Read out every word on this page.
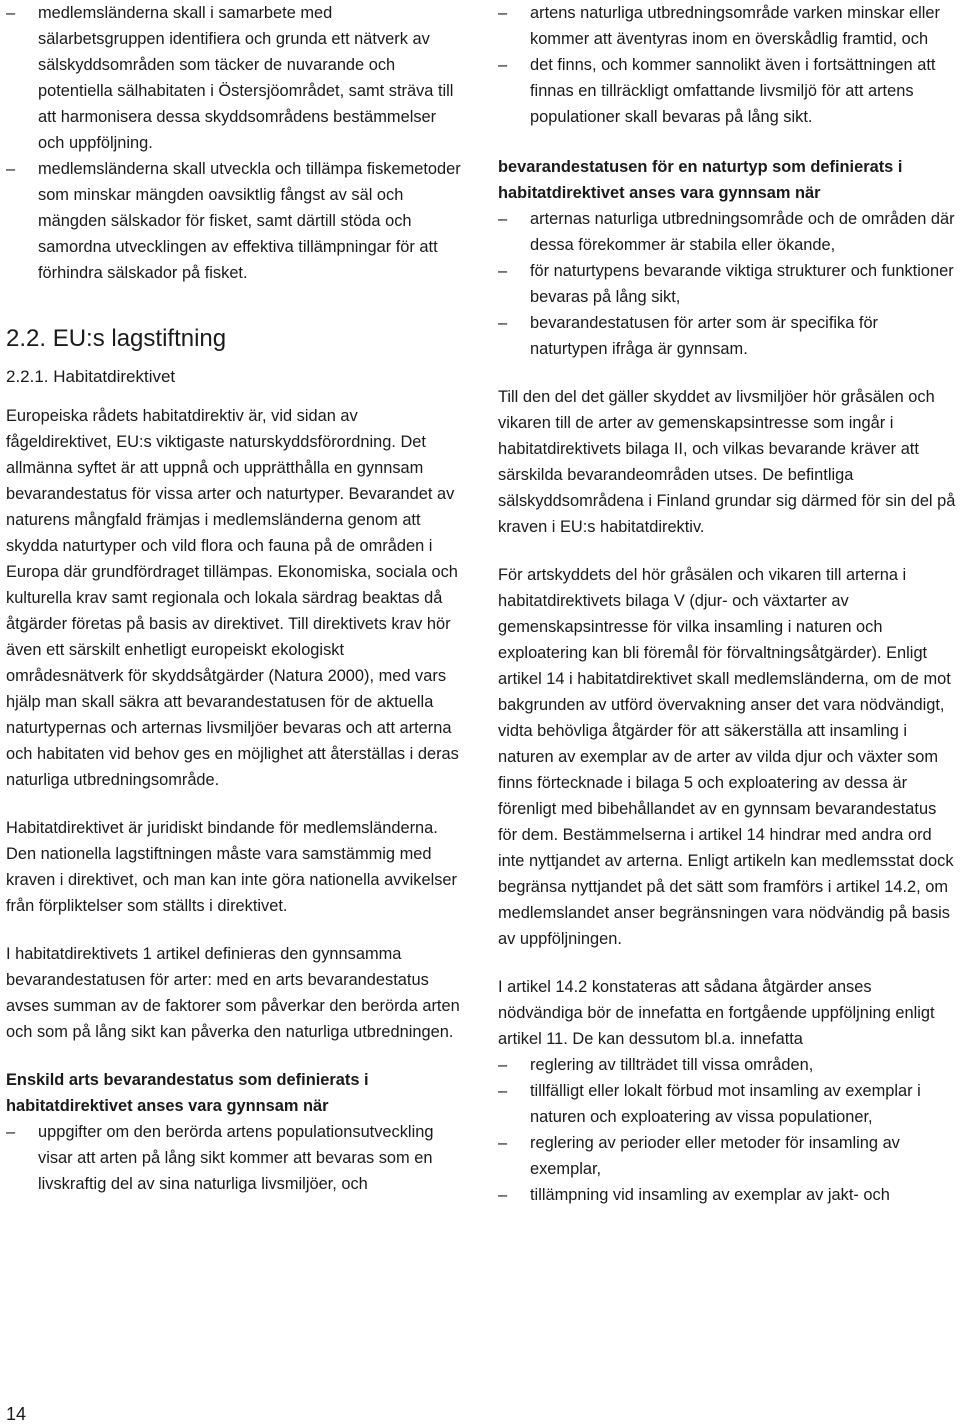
– medlemsländerna skall i samarbete med sälarbetsgruppen identifiera och grunda ett nätverk av sälskyddsområden som täcker de nuvarande och potentiella sälhabitaten i Östersjöområdet, samt sträva till att harmonisera dessa skyddsområdens bestämmelser och uppföljning.
– medlemsländerna skall utveckla och tillämpa fiskemetoder som minskar mängden oavsiktlig fångst av säl och mängden sälskador för fisket, samt därtill stöda och samordna utvecklingen av effektiva tillämpningar för att förhindra sälskador på fisket.
2.2. EU:s lagstiftning
2.2.1. Habitatdirektivet

Europeiska rådets habitatdirektiv är, vid sidan av fågeldirektivet, EU:s viktigaste naturskyddsförordning. Det allmänna syftet är att uppnå och upprätthålla en gynnsam bevarandestatus för vissa arter och naturtyper. Bevarandet av naturens mångfald främjas i medlemsländerna genom att skydda naturtyper och vild flora och fauna på de områden i Europa där grundfördraget tillämpas. Ekonomiska, sociala och kulturella krav samt regionala och lokala särdrag beaktas då åtgärder företas på basis av direktivet. Till direktivets krav hör även ett särskilt enhetligt europeiskt ekologiskt områdesnätverk för skyddsåtgärder (Natura 2000), med vars hjälp man skall säkra att bevarandestatusen för de aktuella naturtypernas och arternas livsmiljöer bevaras och att arterna och habitaten vid behov ges en möjlighet att återställas i deras naturliga utbredningsområde.

Habitatdirektivet är juridiskt bindande för medlemsländerna. Den nationella lagstiftningen måste vara samstämmig med kraven i direktivet, och man kan inte göra nationella avvikelser från förpliktelser som ställts i direktivet.

I habitatdirektivets 1 artikel definieras den gynnsamma bevarandestatusen för arter: med en arts bevarandestatus avses summan av de faktorer som påverkar den berörda arten och som på lång sikt kan påverka den naturliga utbredningen.

Enskild arts bevarandestatus som definierats i habitatdirektivet anses vara gynnsam när

– uppgifter om den berörda artens populationsutveckling visar att arten på lång sikt kommer att bevaras som en livskraftig del av sina naturliga livsmiljöer, och
– artens naturliga utbredningsområde varken minskar eller kommer att äventyras inom en överskådlig framtid, och
– det finns, och kommer sannolikt även i fortsättningen att finnas en tillräckligt omfattande livsmiljö för att artens populationer skall bevaras på lång sikt.

bevarandestatusen för en naturtyp som definierats i habitatdirektivet anses vara gynnsam när

– arternas naturliga utbredningsområde och de områden där dessa förekommer är stabila eller ökande,
– för naturtypens bevarande viktiga strukturer och funktioner bevaras på lång sikt,
– bevarandestatusen för arter som är specifika för naturtypen ifråga är gynnsam.

Till den del det gäller skyddet av livsmiljöer hör gråsälen och vikaren till de arter av gemenskapsintresse som ingår i habitatdirektivets bilaga II, och vilkas bevarande kräver att särskilda bevarandeområden utses. De befintliga sälskyddsområdena i Finland grundar sig därmed för sin del på kraven i EU:s habitatdirektiv.

För artskyddets del hör gråsälen och vikaren till arterna i habitatdirektivets bilaga V (djur- och växtarter av gemenskapsintresse för vilka insamling i naturen och exploatering kan bli föremål för förvaltningsåtgärder). Enligt artikel 14 i habitatdirektivet skall medlemsländerna, om de mot bakgrunden av utförd övervakning anser det vara nödvändigt, vidta behövliga åtgärder för att säkerställa att insamling i naturen av exemplar av de arter av vilda djur och växter som finns förtecknade i bilaga 5 och exploatering av dessa är förenligt med bibehållandet av en gynnsam bevarandestatus för dem. Bestämmelserna i artikel 14 hindrar med andra ord inte nyttjandet av arterna. Enligt artikeln kan medlemsstat dock begränsa nyttjandet på det sätt som framförs i artikel 14.2, om medlemslandet anser begränsningen vara nödvändig på basis av uppföljningen.

I artikel 14.2 konstateras att sådana åtgärder anses nödvändiga bör de innefatta en fortgående uppföljning enligt artikel 11. De kan dessutom bl.a. innefatta

– reglering av tillträdet till vissa områden,
– tillfälligt eller lokalt förbud mot insamling av exemplar i naturen och exploatering av vissa populationer,
– reglering av perioder eller metoder för insamling av exemplar,
– tillämpning vid insamling av exemplar av jakt- och
14
